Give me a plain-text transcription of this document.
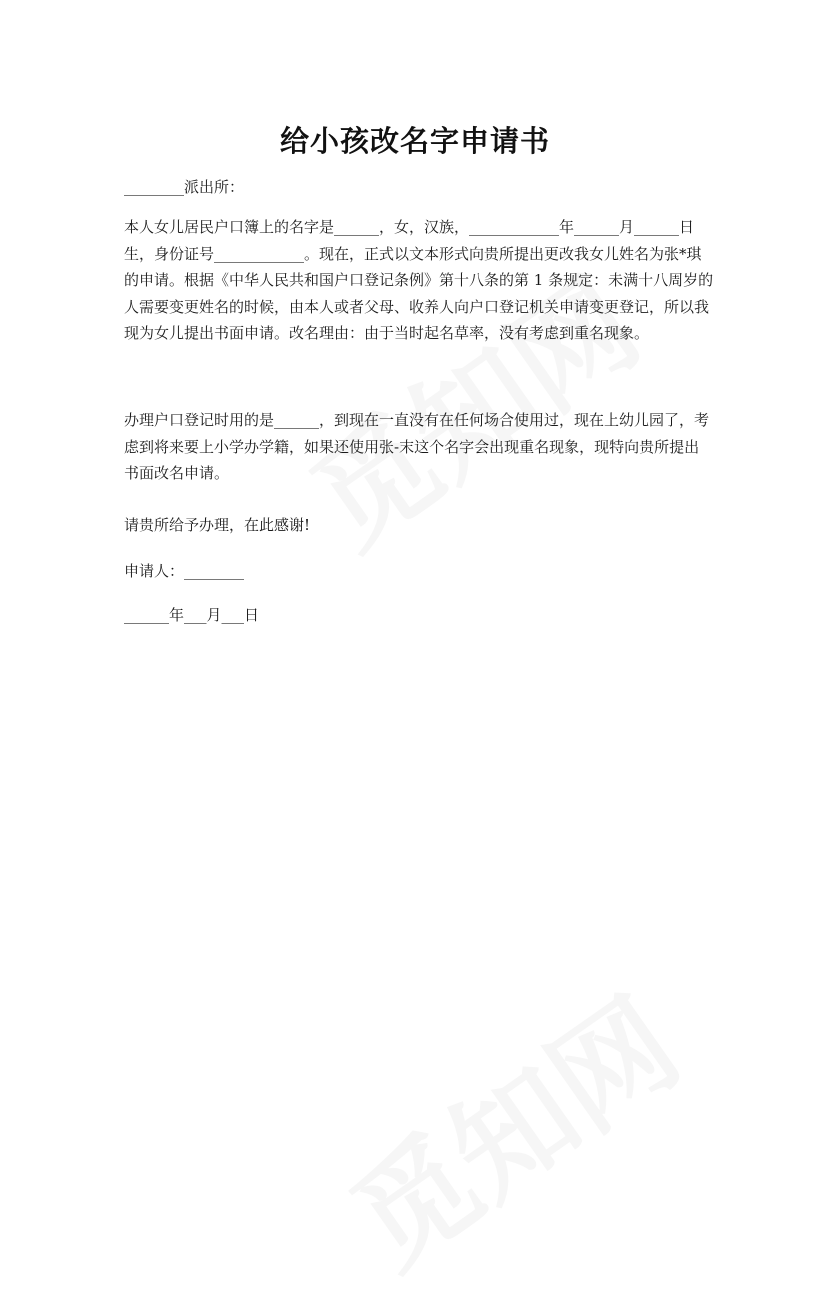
给小孩改名字申请书

________派出所：

本人女儿居民户口簿上的名字是______，女，汉族，____________年______月______日生，身份证号____________。现在，正式以文本形式向贵所提出更改我女儿姓名为张*琪的申请。根据《中华人民共和国户口登记条例》第十八条的第 1 条规定：未满十八周岁的人需要变更姓名的时候，由本人或者父母、收养人向户口登记机关申请变更登记，所以我现为女儿提出书面申请。改名理由：由于当时起名草率，没有考虑到重名现象。

办理户口登记时用的是______，到现在一直没有在任何场合使用过，现在上幼儿园了，考虑到将来要上小学办学籍，如果还使用张-末这个名字会出现重名现象，现特向贵所提出书面改名申请。

请贵所给予办理，在此感谢!

申请人：________

______年___月___日
